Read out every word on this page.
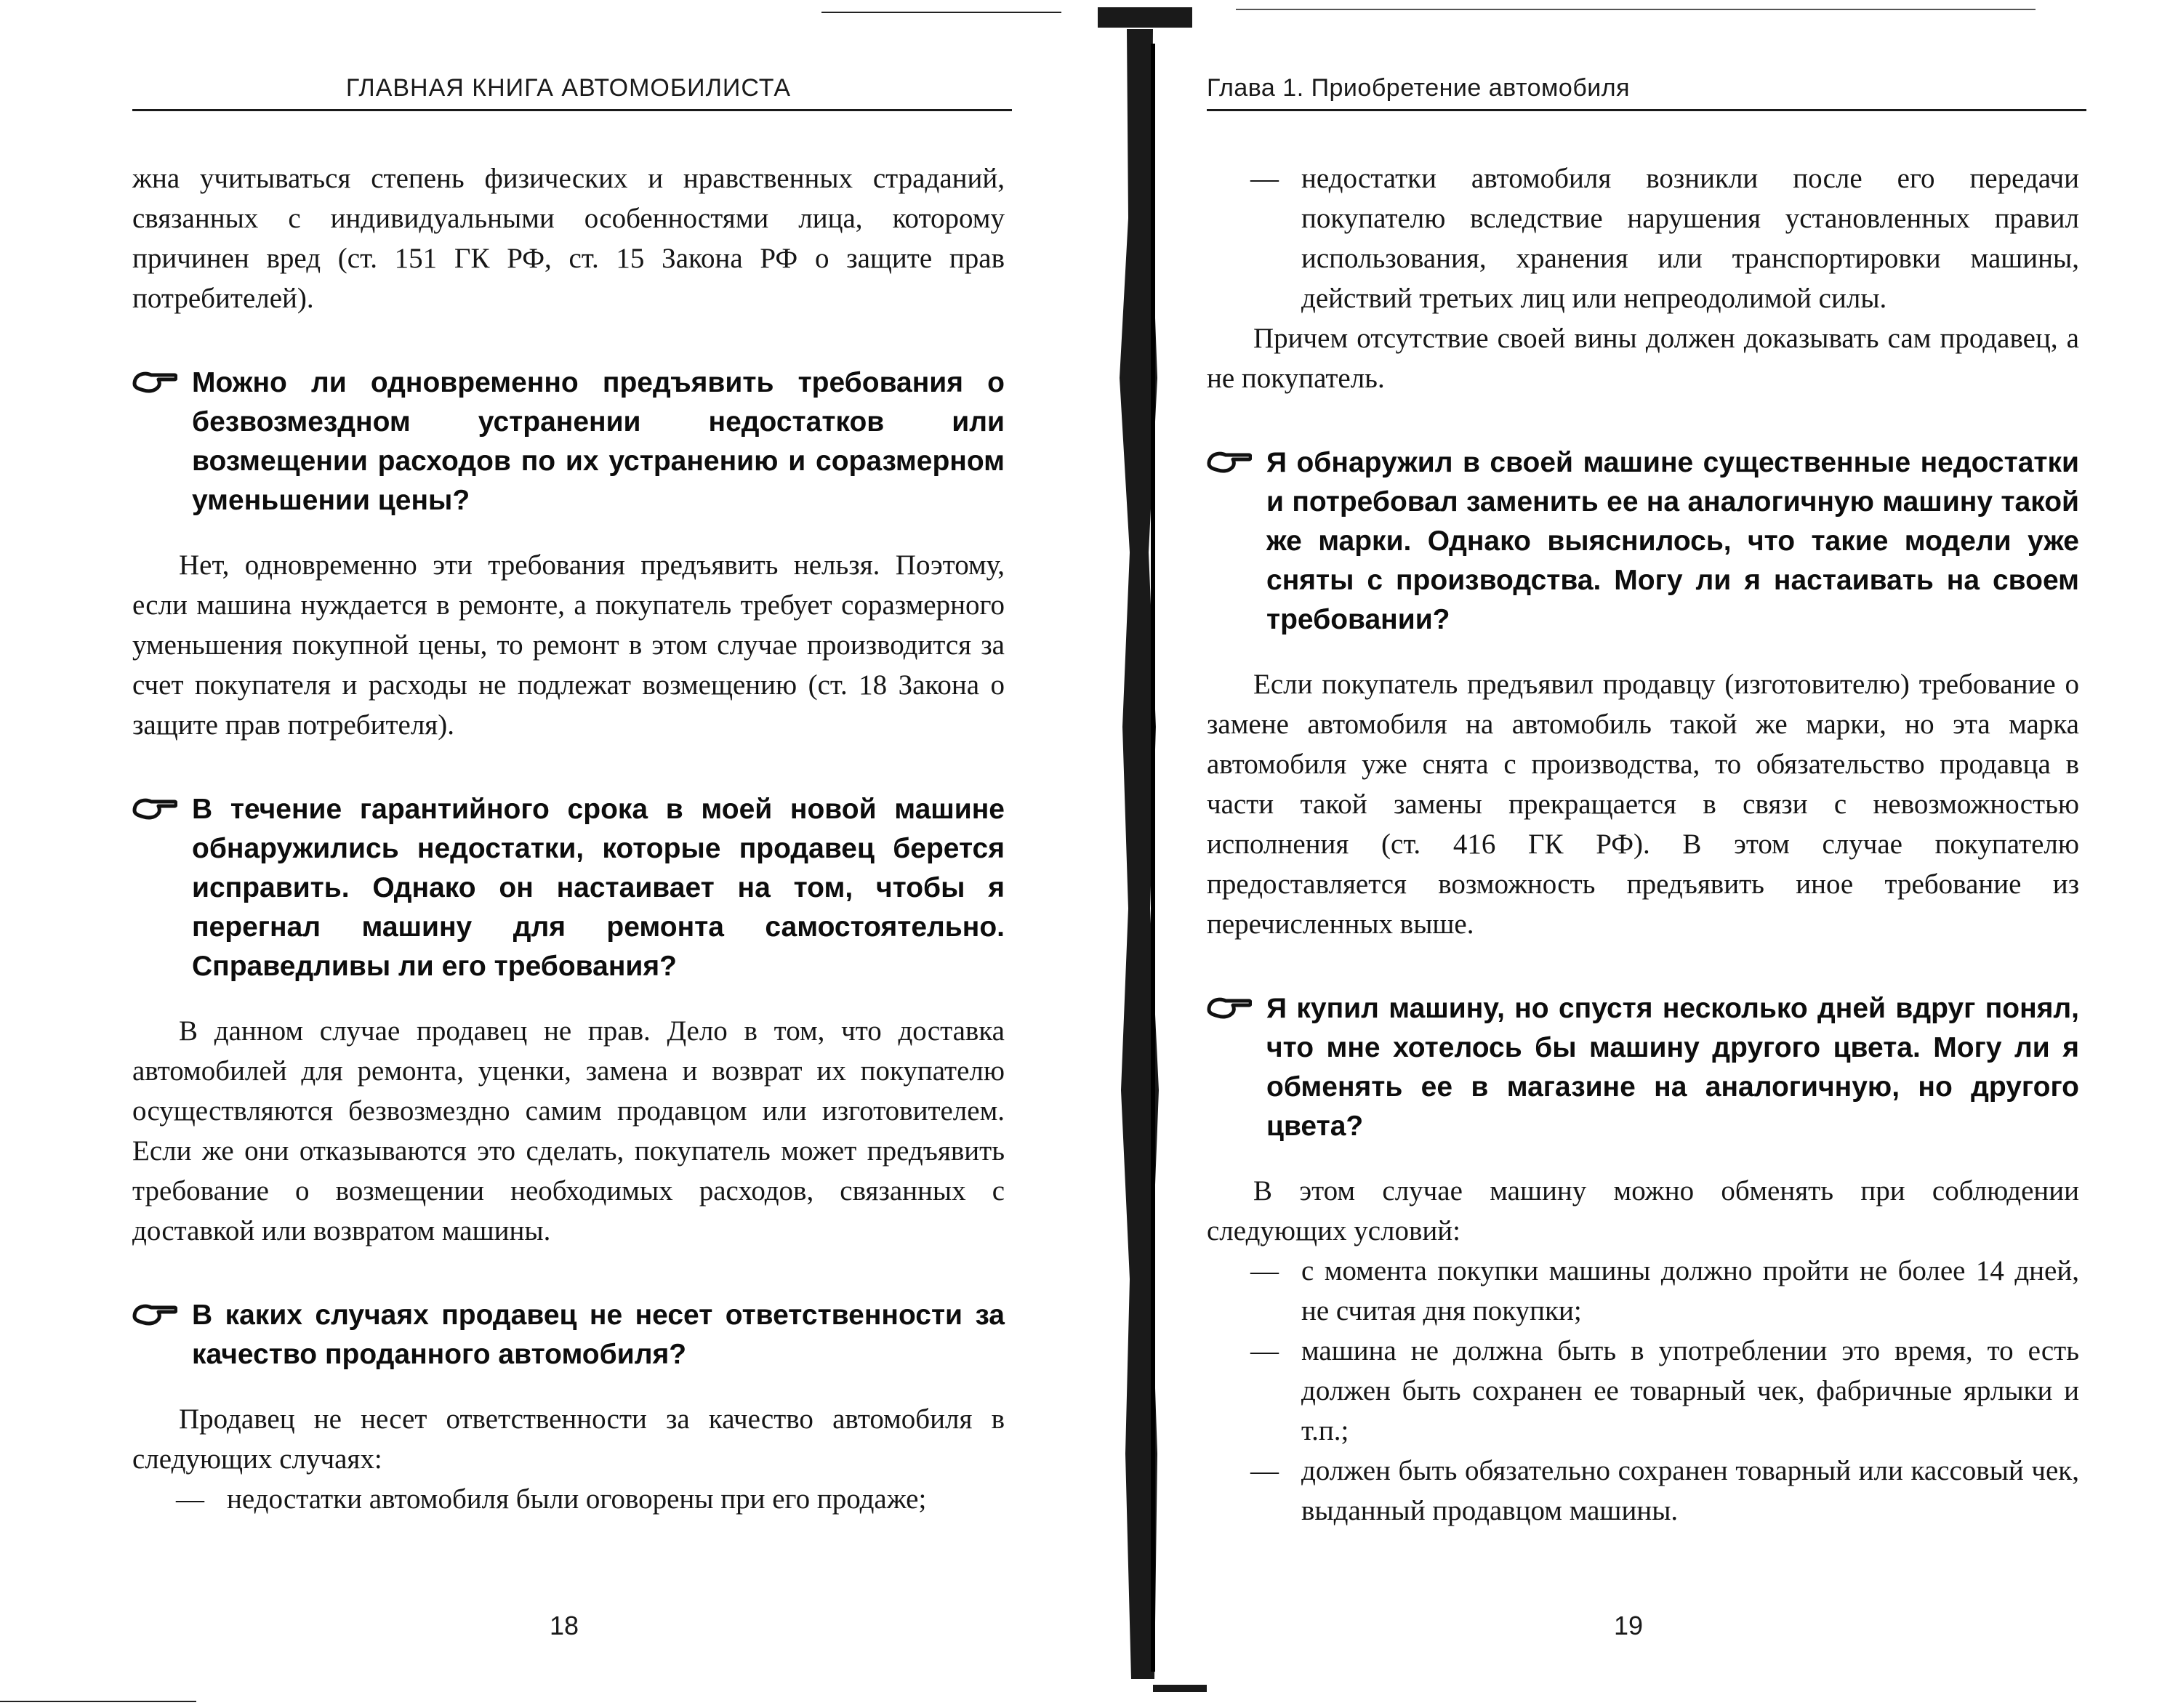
ГЛАВНАЯ КНИГА АВТОМОБИЛИСТА

жна учитываться степень физических и нравственных страданий, связанных с индивидуальными особенностями лица, которому причинен вред (ст. 151 ГК РФ, ст. 15 Закона РФ о защите прав потребителей).

Можно ли одновременно предъявить требования о безвозмездном устранении недостатков или возмещении расходов по их устранению и соразмерном уменьшении цены?

Нет, одновременно эти требования предъявить нельзя. Поэтому, если машина нуждается в ремонте, а покупатель требует соразмерного уменьшения покупной цены, то ремонт в этом случае производится за счет покупателя и расходы не подлежат возмещению (ст. 18 Закона о защите прав потребителя).

В течение гарантийного срока в моей новой машине обнаружились недостатки, которые продавец берется исправить. Однако он настаивает на том, чтобы я перегнал машину для ремонта самостоятельно. Справедливы ли его требования?

В данном случае продавец не прав. Дело в том, что доставка автомобилей для ремонта, уценки, замена и возврат их покупателю осуществляются безвозмездно самим продавцом или изготовителем. Если же они отказываются это сделать, покупатель может предъявить требование о возмещении необходимых расходов, связанных с доставкой или возвратом машины.

В каких случаях продавец не несет ответственности за качество проданного автомобиля?

Продавец не несет ответственности за качество автомобиля в следующих случаях:

— недостатки автомобиля были оговорены при его продаже;
18
Глава 1. Приобретение автомобиля
— недостатки автомобиля возникли после его передачи покупателю вследствие нарушения установленных правил использования, хранения или транспортировки машины, действий третьих лиц или непреодолимой силы.

Причем отсутствие своей вины должен доказывать сам продавец, а не покупатель.

Я обнаружил в своей машине существенные недостатки и потребовал заменить ее на аналогичную машину такой же марки. Однако выяснилось, что такие модели уже сняты с производства. Могу ли я настаивать на своем требовании?

Если покупатель предъявил продавцу (изготовителю) требование о замене автомобиля на автомобиль такой же марки, но эта марка автомобиля уже снята с производства, то обязательство продавца в части такой замены прекращается в связи с невозможностью исполнения (ст. 416 ГК РФ). В этом случае покупателю предоставляется возможность предъявить иное требование из перечисленных выше.

Я купил машину, но спустя несколько дней вдруг понял, что мне хотелось бы машину другого цвета. Могу ли я обменять ее в магазине на аналогичную, но другого цвета?

В этом случае машину можно обменять при соблюдении следующих условий:

— с момента покупки машины должно пройти не более 14 дней, не считая дня покупки;
— машина не должна быть в употреблении это время, то есть должен быть сохранен ее товарный чек, фабричные ярлыки и т.п.;
— должен быть обязательно сохранен товарный или кассовый чек, выданный продавцом машины.
19
